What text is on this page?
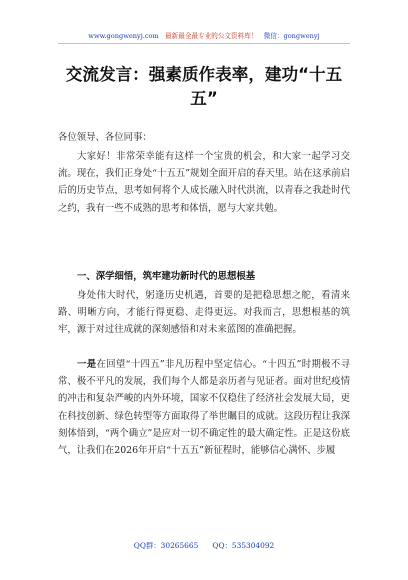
www.gongwenyj.com 最新最全最专业的公文资料库！ 微信：gongwenyj
交流发言：强素质作表率，建功“十五五”
各位领导、各位同事：

大家好！非常荣幸能有这样一个宝贵的机会，和大家一起学习交流。现在，我们正身处“十五五”规划全面开启的春天里。站在这承前启后的历史节点，思考如何将个人成长融入时代洪流，以青春之我赴时代之约，我有一些不成熟的思考和体悟，愿与大家共勉。

一、深学细悟，筑牢建功新时代的思想根基

身处伟大时代，躬逢历史机遇，首要的是把稳思想之舵，看清来路、明晰方向，才能行得更稳、走得更远。对我而言，思想根基的筑牢，源于对过往成就的深刻感悟和对未来蓝图的准确把握。

一是在回望“十四五”非凡历程中坚定信心。“十四五”时期极不寻常、极不平凡的发展，我们每个人都是亲历者与见证者。面对世纪疫情的冲击和复杂严峻的内外环境，国家不仅稳住了经济社会发展大局，更在科技创新、绿色转型等方面取得了举世瞩目的成就。这段历程让我深刻体悟到，“两个确立”是应对一切不确定性的最大确定性。正是这份底气，让我们在2026年开启“十五五”新征程时，能够信心满怀、步履

QQ群：30265665 QQ：535304092
